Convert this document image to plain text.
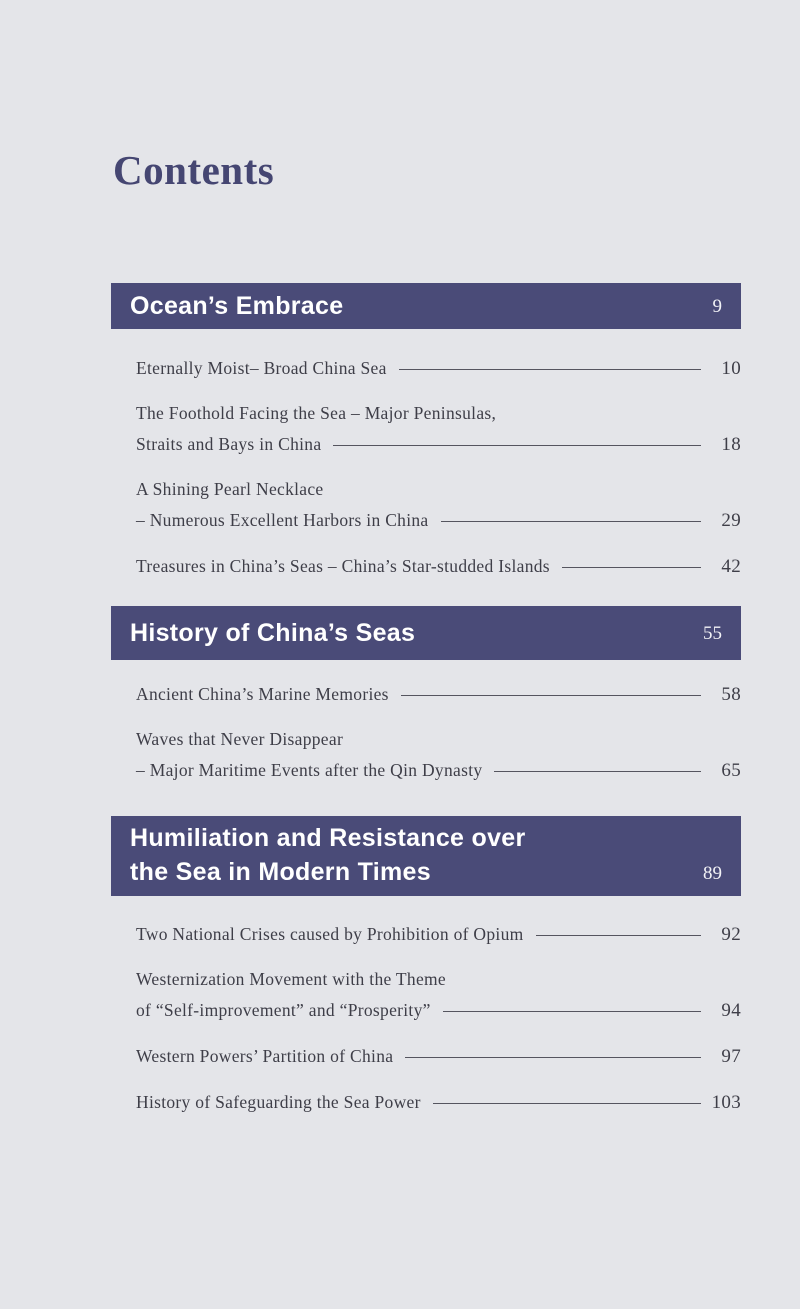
Contents
Ocean’s Embrace	9
Eternally Moist– Broad China Sea	10
The Foothold Facing the Sea – Major Peninsulas,
Straits and Bays in China	18
A Shining Pearl Necklace
– Numerous Excellent Harbors in China	29
Treasures in China’s Seas – China’s Star-studded Islands	42
History of China’s Seas	55
Ancient China’s Marine Memories	58
Waves that Never Disappear
– Major Maritime Events after the Qin Dynasty	65
Humiliation and Resistance over
the Sea in Modern Times	89
Two National Crises caused by Prohibition of Opium	92
Westernization Movement with the Theme
of “Self-improvement” and “Prosperity”	94
Western Powers’ Partition of China	97
History of Safeguarding the Sea Power	103
